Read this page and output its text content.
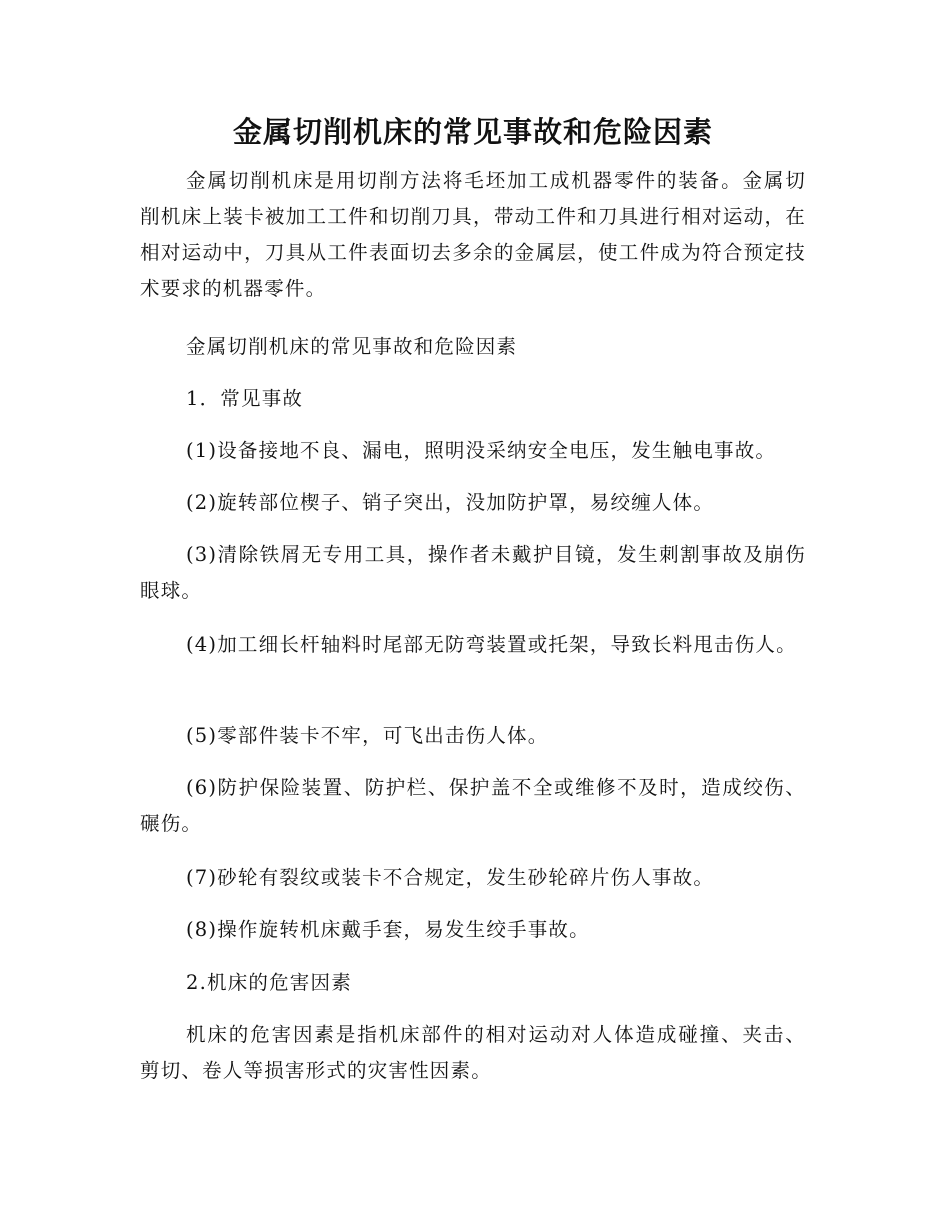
金属切削机床的常见事故和危险因素

金属切削机床是用切削方法将毛坯加工成机器零件的装备。金属切削机床上装卡被加工工件和切削刀具，带动工件和刀具进行相对运动，在相对运动中，刀具从工件表面切去多余的金属层，使工件成为符合预定技术要求的机器零件。

金属切削机床的常见事故和危险因素

1．常见事故

(1)设备接地不良、漏电，照明没采纳安全电压，发生触电事故。

(2)旋转部位楔子、销子突出，没加防护罩，易绞缠人体。

(3)清除铁屑无专用工具，操作者未戴护目镜，发生刺割事故及崩伤眼球。

(4)加工细长杆轴料时尾部无防弯装置或托架，导致长料甩击伤人。

(5)零部件装卡不牢，可飞出击伤人体。

(6)防护保险装置、防护栏、保护盖不全或维修不及时，造成绞伤、碾伤。

(7)砂轮有裂纹或装卡不合规定，发生砂轮碎片伤人事故。

(8)操作旋转机床戴手套，易发生绞手事故。

2.机床的危害因素

机床的危害因素是指机床部件的相对运动对人体造成碰撞、夹击、剪切、卷人等损害形式的灾害性因素。
